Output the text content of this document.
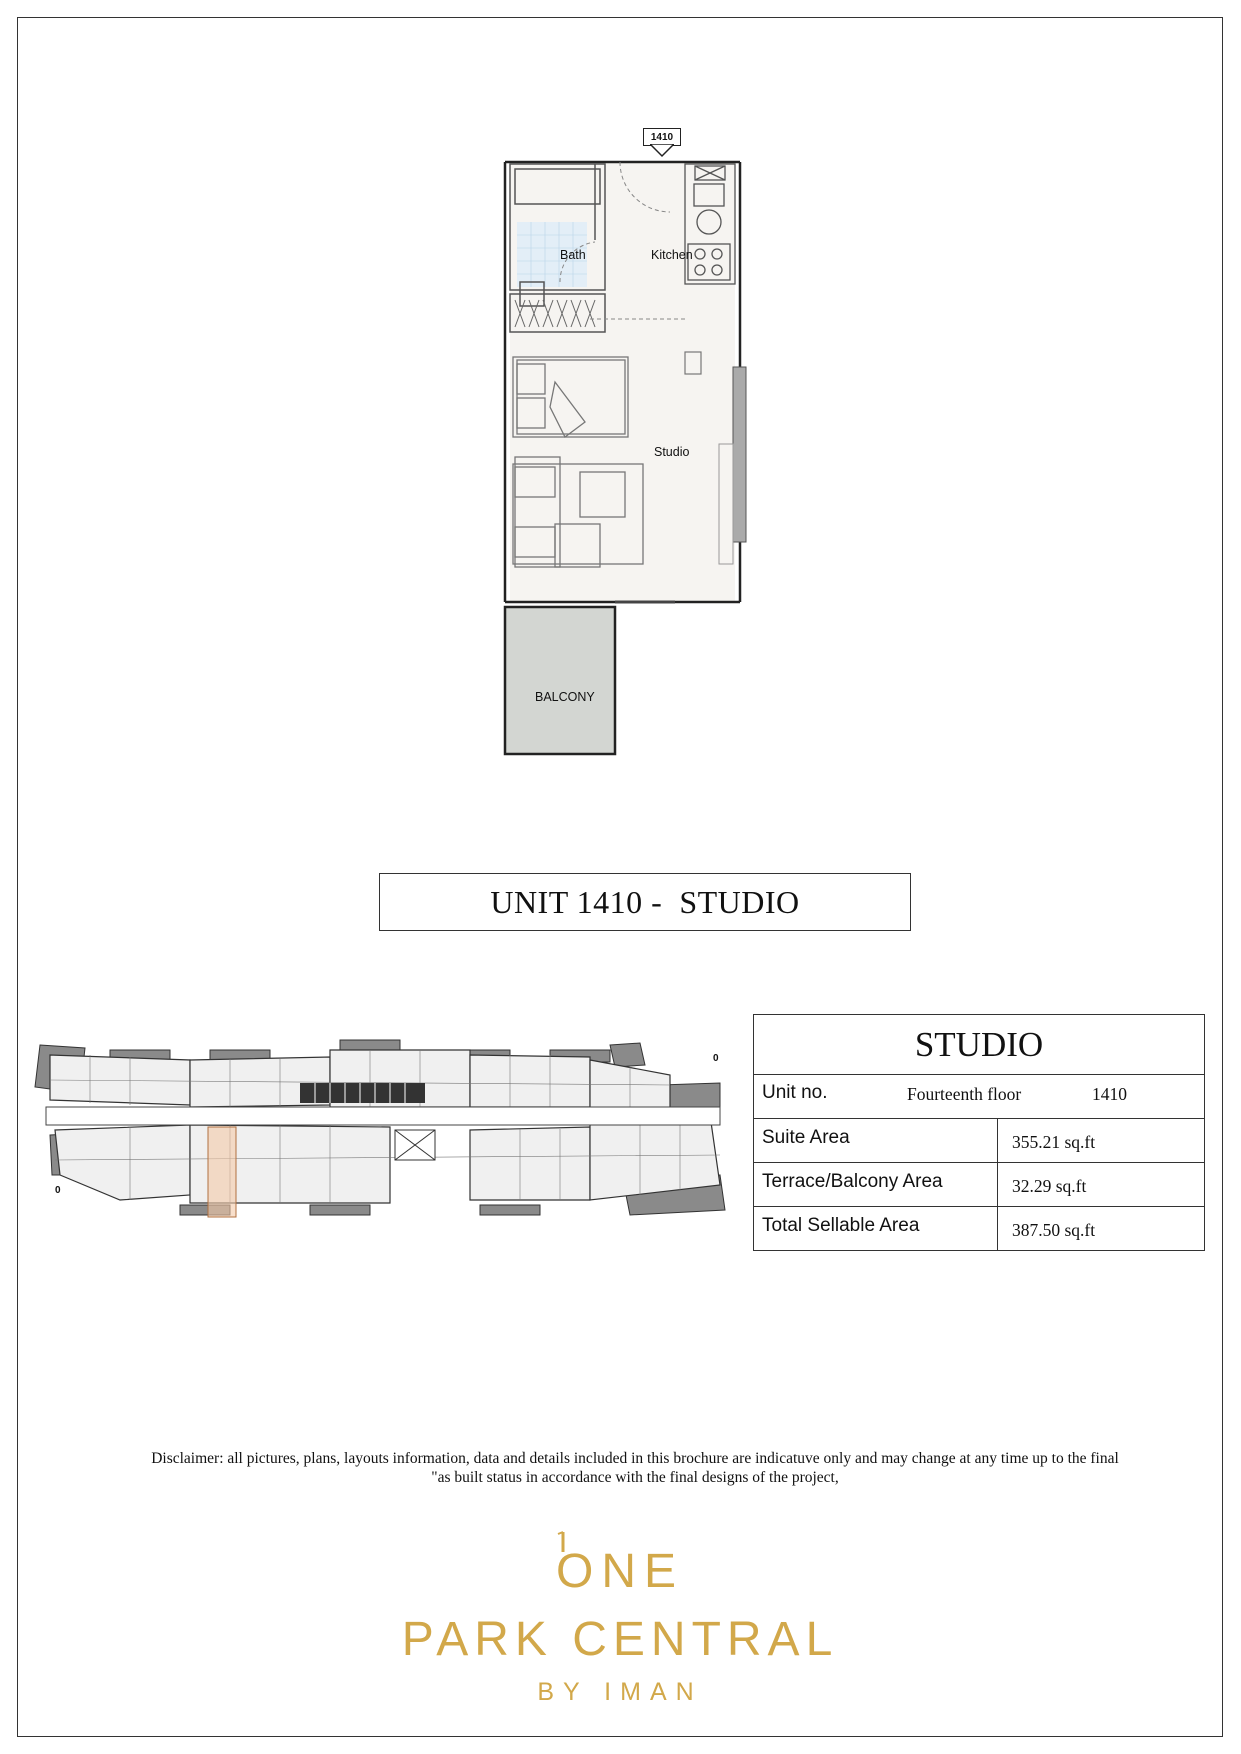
1410
Bath	Kitchen
Studio
BALCONY
UNIT 1410 -  STUDIO
0
0
STUDIO
Unit no.	Fourteenth floor	1410
Suite Area	355.21 sq.ft
Terrace/Balcony Area	32.29 sq.ft
Total Sellable Area	387.50 sq.ft
Disclaimer: all pictures, plans, layouts information, data and details included in this brochure are indicatuve only and may change at any time up to the final
"as built status in accordance with the final designs of the project,
ONE
PARK CENTRAL
BY IMAN
